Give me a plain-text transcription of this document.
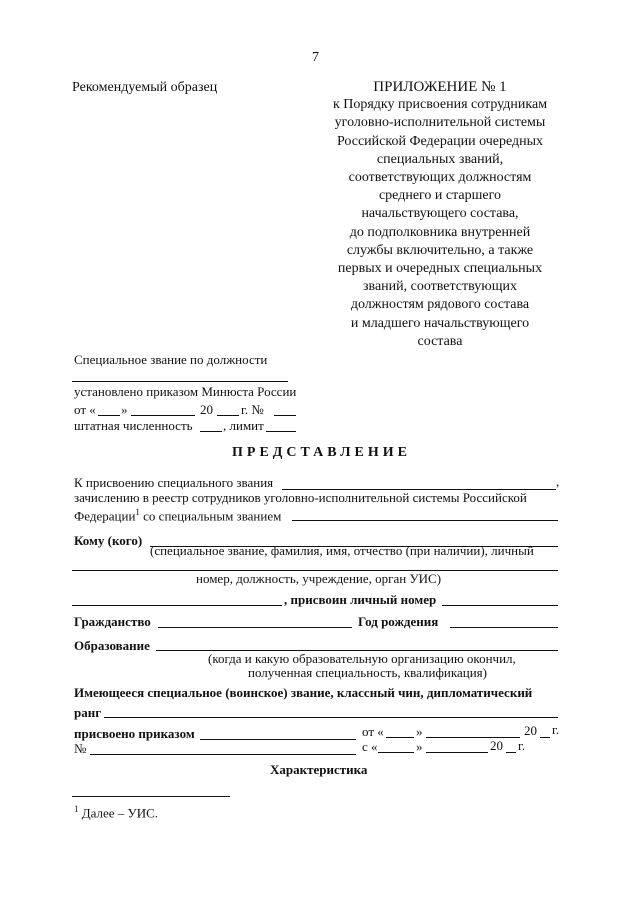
7
Рекомендуемый образец	ПРИЛОЖЕНИЕ № 1
к Порядку присвоения сотрудникам
уголовно-исполнительной системы
Российской Федерации очередных
специальных званий,
соответствующих должностям
среднего и старшего
начальствующего состава,
до подполковника внутренней
службы включительно, а также
первых и очередных специальных
званий, соответствующих
должностям рядового состава
и младшего начальствующего
состава
Специальное звание по должности
установлено приказом Минюста России
от « »	20 г. №
штатная численность , лимит
ПРЕДСТАВЛЕНИЕ
К присвоению специального звания	,
зачислению в реестр сотрудников уголовно-исполнительной системы Российской
Федерации$^1$ со специальным званием
Кому (кого)
(специальное звание, фамилия, имя, отчество (при наличии), личный
номер, должность, учреждение, орган УИС)
, присвоин личный номер
Гражданство	Год рождения
Образование
(когда и какую образовательную организацию окончил,
полученная специальность, квалификация)
Имеющееся специальное (воинское) звание, классный чин, дипломатический
ранг
присвоено приказом	от « »	20 г.
№	с «	»	20 г.
Характеристика
$^1$ Далее – УИС.
